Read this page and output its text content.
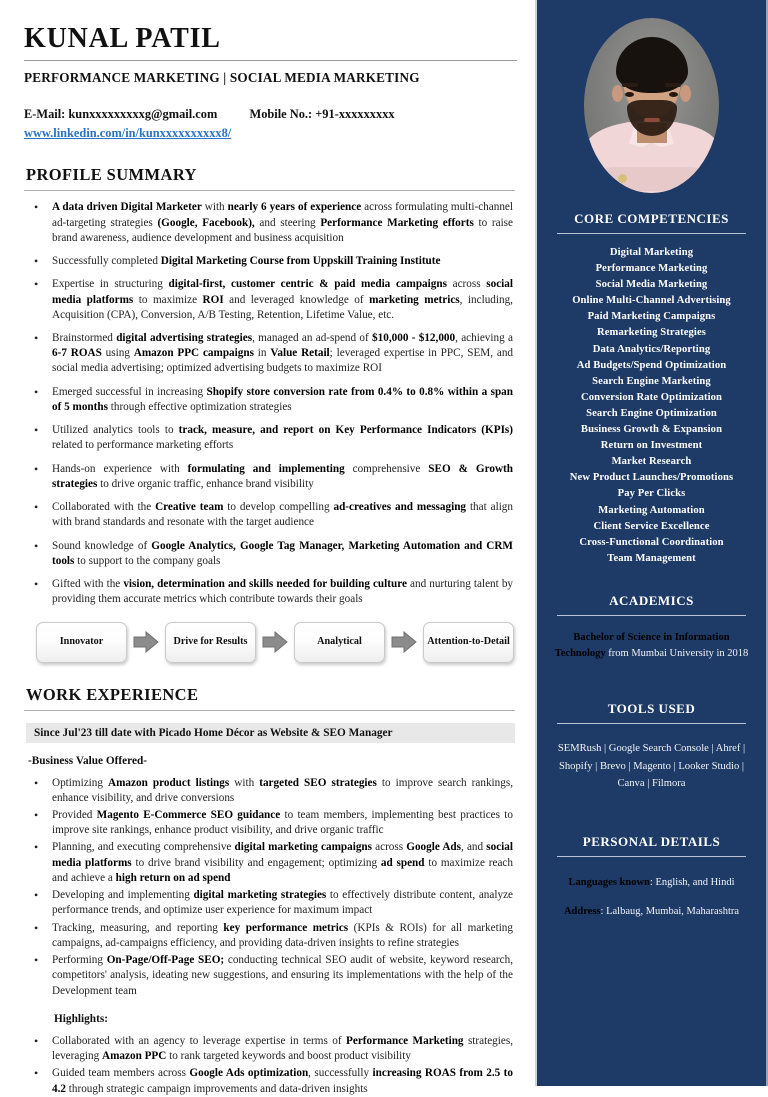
KUNAL PATIL
PERFORMANCE MARKETING | SOCIAL MEDIA MARKETING
E-Mail: kunxxxxxxxxxg@gmail.com	Mobile No.: +91-xxxxxxxxx
www.linkedin.com/in/kunxxxxxxxxxx8/
PROFILE SUMMARY
• A data driven Digital Marketer with nearly 6 years of experience across formulating multi-channel ad-targeting strategies (Google, Facebook), and steering Performance Marketing efforts to raise brand awareness, audience development and business acquisition
• Successfully completed Digital Marketing Course from Uppskill Training Institute
• Expertise in structuring digital-first, customer centric & paid media campaigns across social media platforms to maximize ROI and leveraged knowledge of marketing metrics, including, Acquisition (CPA), Conversion, A/B Testing, Retention, Lifetime Value, etc.
• Brainstormed digital advertising strategies, managed an ad-spend of $10,000 - $12,000, achieving a 6-7 ROAS using Amazon PPC campaigns in Value Retail; leveraged expertise in PPC, SEM, and social media advertising; optimized advertising budgets to maximize ROI
• Emerged successful in increasing Shopify store conversion rate from 0.4% to 0.8% within a span of 5 months through effective optimization strategies
• Utilized analytics tools to track, measure, and report on Key Performance Indicators (KPIs) related to performance marketing efforts
• Hands-on experience with formulating and implementing comprehensive SEO & Growth strategies to drive organic traffic, enhance brand visibility
• Collaborated with the Creative team to develop compelling ad-creatives and messaging that align with brand standards and resonate with the target audience
• Sound knowledge of Google Analytics, Google Tag Manager, Marketing Automation and CRM tools to support to the company goals
• Gifted with the vision, determination and skills needed for building culture and nurturing talent by providing them accurate metrics which contribute towards their goals
Innovator	Drive for Results	Analytical	Attention-to-Detail
WORK EXPERIENCE
Since Jul'23 till date with Picado Home Décor as Website & SEO Manager
-Business Value Offered-
• Optimizing Amazon product listings with targeted SEO strategies to improve search rankings, enhance visibility, and drive conversions
• Provided Magento E-Commerce SEO guidance to team members, implementing best practices to improve site rankings, enhance product visibility, and drive organic traffic
• Planning, and executing comprehensive digital marketing campaigns across Google Ads, and social media platforms to drive brand visibility and engagement; optimizing ad spend to maximize reach and achieve a high return on ad spend
• Developing and implementing digital marketing strategies to effectively distribute content, analyze performance trends, and optimize user experience for maximum impact
• Tracking, measuring, and reporting key performance metrics (KPIs & ROIs) for all marketing campaigns, ad-campaigns efficiency, and providing data-driven insights to refine strategies
• Performing On-Page/Off-Page SEO; conducting technical SEO audit of website, keyword research, competitors' analysis, ideating new suggestions, and ensuring its implementations with the help of the Development team
Highlights:
• Collaborated with an agency to leverage expertise in terms of Performance Marketing strategies, leveraging Amazon PPC to rank targeted keywords and boost product visibility
• Guided team members across Google Ads optimization, successfully increasing ROAS from 2.5 to 4.2 through strategic campaign improvements and data-driven insights
CORE COMPETENCIES
Digital Marketing
Performance Marketing
Social Media Marketing
Online Multi-Channel Advertising
Paid Marketing Campaigns
Remarketing Strategies
Data Analytics/Reporting
Ad Budgets/Spend Optimization
Search Engine Marketing
Conversion Rate Optimization
Search Engine Optimization
Business Growth & Expansion
Return on Investment
Market Research
New Product Launches/Promotions
Pay Per Clicks
Marketing Automation
Client Service Excellence
Cross-Functional Coordination
Team Management
ACADEMICS
Bachelor of Science in Information Technology from Mumbai University in 2018
TOOLS USED
SEMRush | Google Search Console | Ahref | Shopify | Brevo | Magento | Looker Studio | Canva | Filmora
PERSONAL DETAILS
Languages known: English, and Hindi
Address: Lalbaug, Mumbai, Maharashtra
